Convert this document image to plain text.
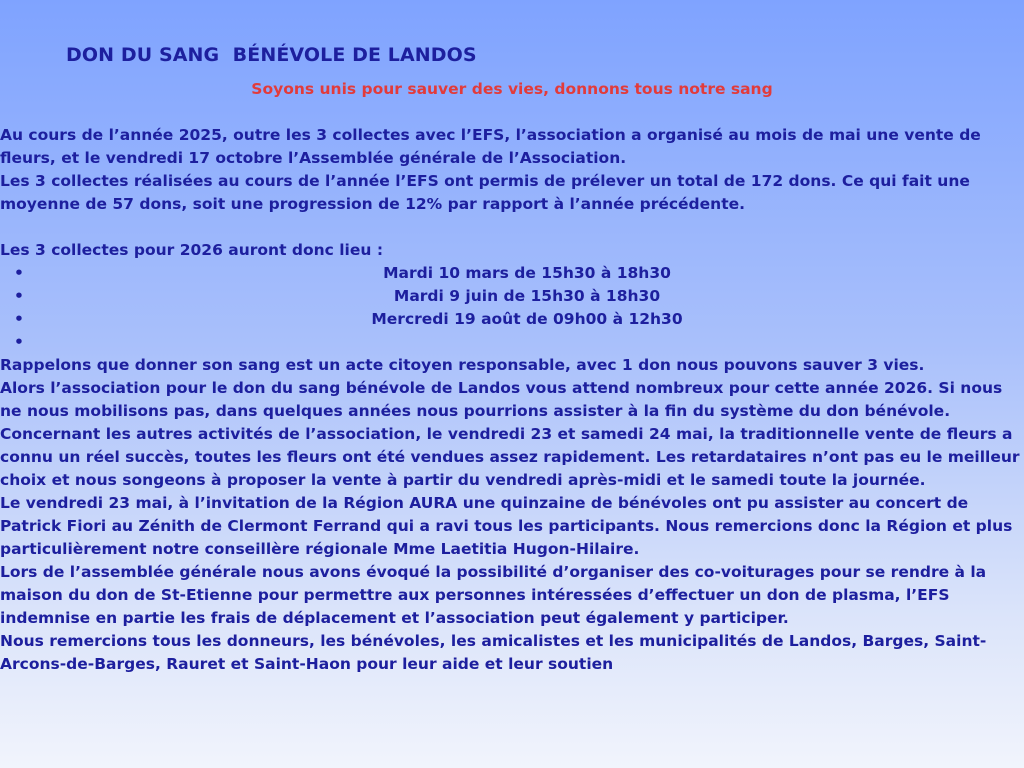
DON DU SANG  BÉNÉVOLE DE LANDOS
Soyons unis pour sauver des vies, donnons tous notre sang

Au cours de l’année 2025, outre les 3 collectes avec l’EFS, l’association a organisé au mois de mai une vente de fleurs, et le vendredi 17 octobre l’Assemblée générale de l’Association.

Les 3 collectes réalisées au cours de l’année l’EFS ont permis de prélever un total de 172 dons. Ce qui fait une moyenne de 57 dons, soit une progression de 12% par rapport à l’année précédente.

Les 3 collectes pour 2026 auront donc lieu :

• Mardi 10 mars de 15h30 à 18h30
• Mardi 9 juin de 15h30 à 18h30
• Mercredi 19 août de 09h00 à 12h30
•

Rappelons que donner son sang est un acte citoyen responsable, avec 1 don nous pouvons sauver 3 vies.

Alors l’association pour le don du sang bénévole de Landos vous attend nombreux pour cette année 2026. Si nous ne nous mobilisons pas, dans quelques années nous pourrions assister à la fin du système du don bénévole.

Concernant les autres activités de l’association, le vendredi 23 et samedi 24 mai, la traditionnelle vente de fleurs a connu un réel succès, toutes les fleurs ont été vendues assez rapidement. Les retardataires n’ont pas eu le meilleur choix et nous songeons à proposer la vente à partir du vendredi après-midi et le samedi toute la journée.

Le vendredi 23 mai, à l’invitation de la Région AURA une quinzaine de bénévoles ont pu assister au concert de Patrick Fiori au Zénith de Clermont Ferrand qui a ravi tous les participants. Nous remercions donc la Région et plus particulièrement notre conseillère régionale Mme Laetitia Hugon-Hilaire.

Lors de l’assemblée générale nous avons évoqué la possibilité d’organiser des co-voiturages pour se rendre à la maison du don de St-Etienne pour permettre aux personnes intéressées d’effectuer un don de plasma, l’EFS indemnise en partie les frais de déplacement et l’association peut également y participer.

Nous remercions tous les donneurs, les bénévoles, les amicalistes et les municipalités de Landos, Barges, Saint-Arcons-de-Barges, Rauret et Saint-Haon pour leur aide et leur soutien
